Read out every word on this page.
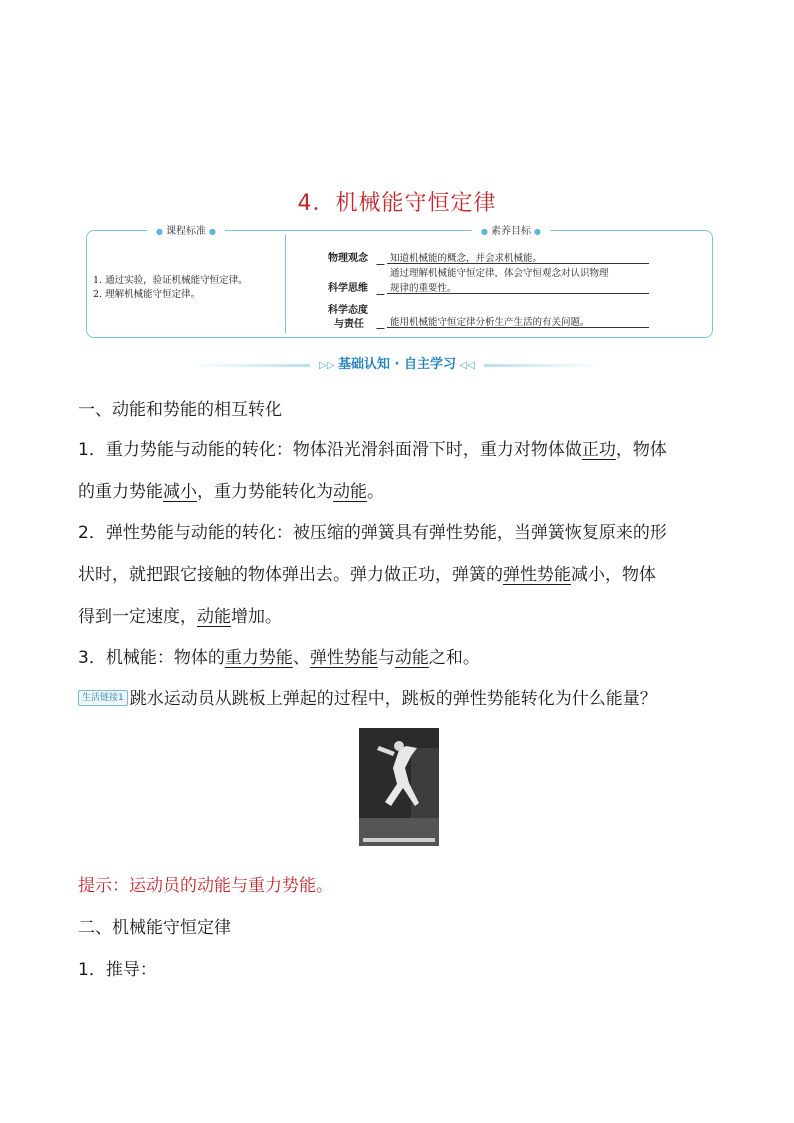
4．机械能守恒定律
● 课程标准 ●	● 素养目标 ●
1. 通过实验，验证机械能守恒定律。
2. 理解机械能守恒定律。
物理观念 知道机械能的概念，并会求机械能。
科学思维
通过理解机械能守恒定律，体会守恒观念对认识物理
规律的重要性。
科学态度
与责任	能用机械能守恒定律分析生产生活的有关问题。
▷▷ 基础认知 · 自主学习 ◁◁
一、动能和势能的相互转化
1．重力势能与动能的转化：物体沿光滑斜面滑下时，重力对物体做正功，物体
的重力势能减小，重力势能转化为动能。
2．弹性势能与动能的转化：被压缩的弹簧具有弹性势能，当弹簧恢复原来的形
状时，就把跟它接触的物体弹出去。弹力做正功，弹簧的弹性势能减小，物体
得到一定速度，动能增加。
3．机械能：物体的重力势能、弹性势能与动能之和。
生活链接1 跳水运动员从跳板上弹起的过程中，跳板的弹性势能转化为什么能量？
提示：运动员的动能与重力势能。
二、机械能守恒定律
1．推导：
